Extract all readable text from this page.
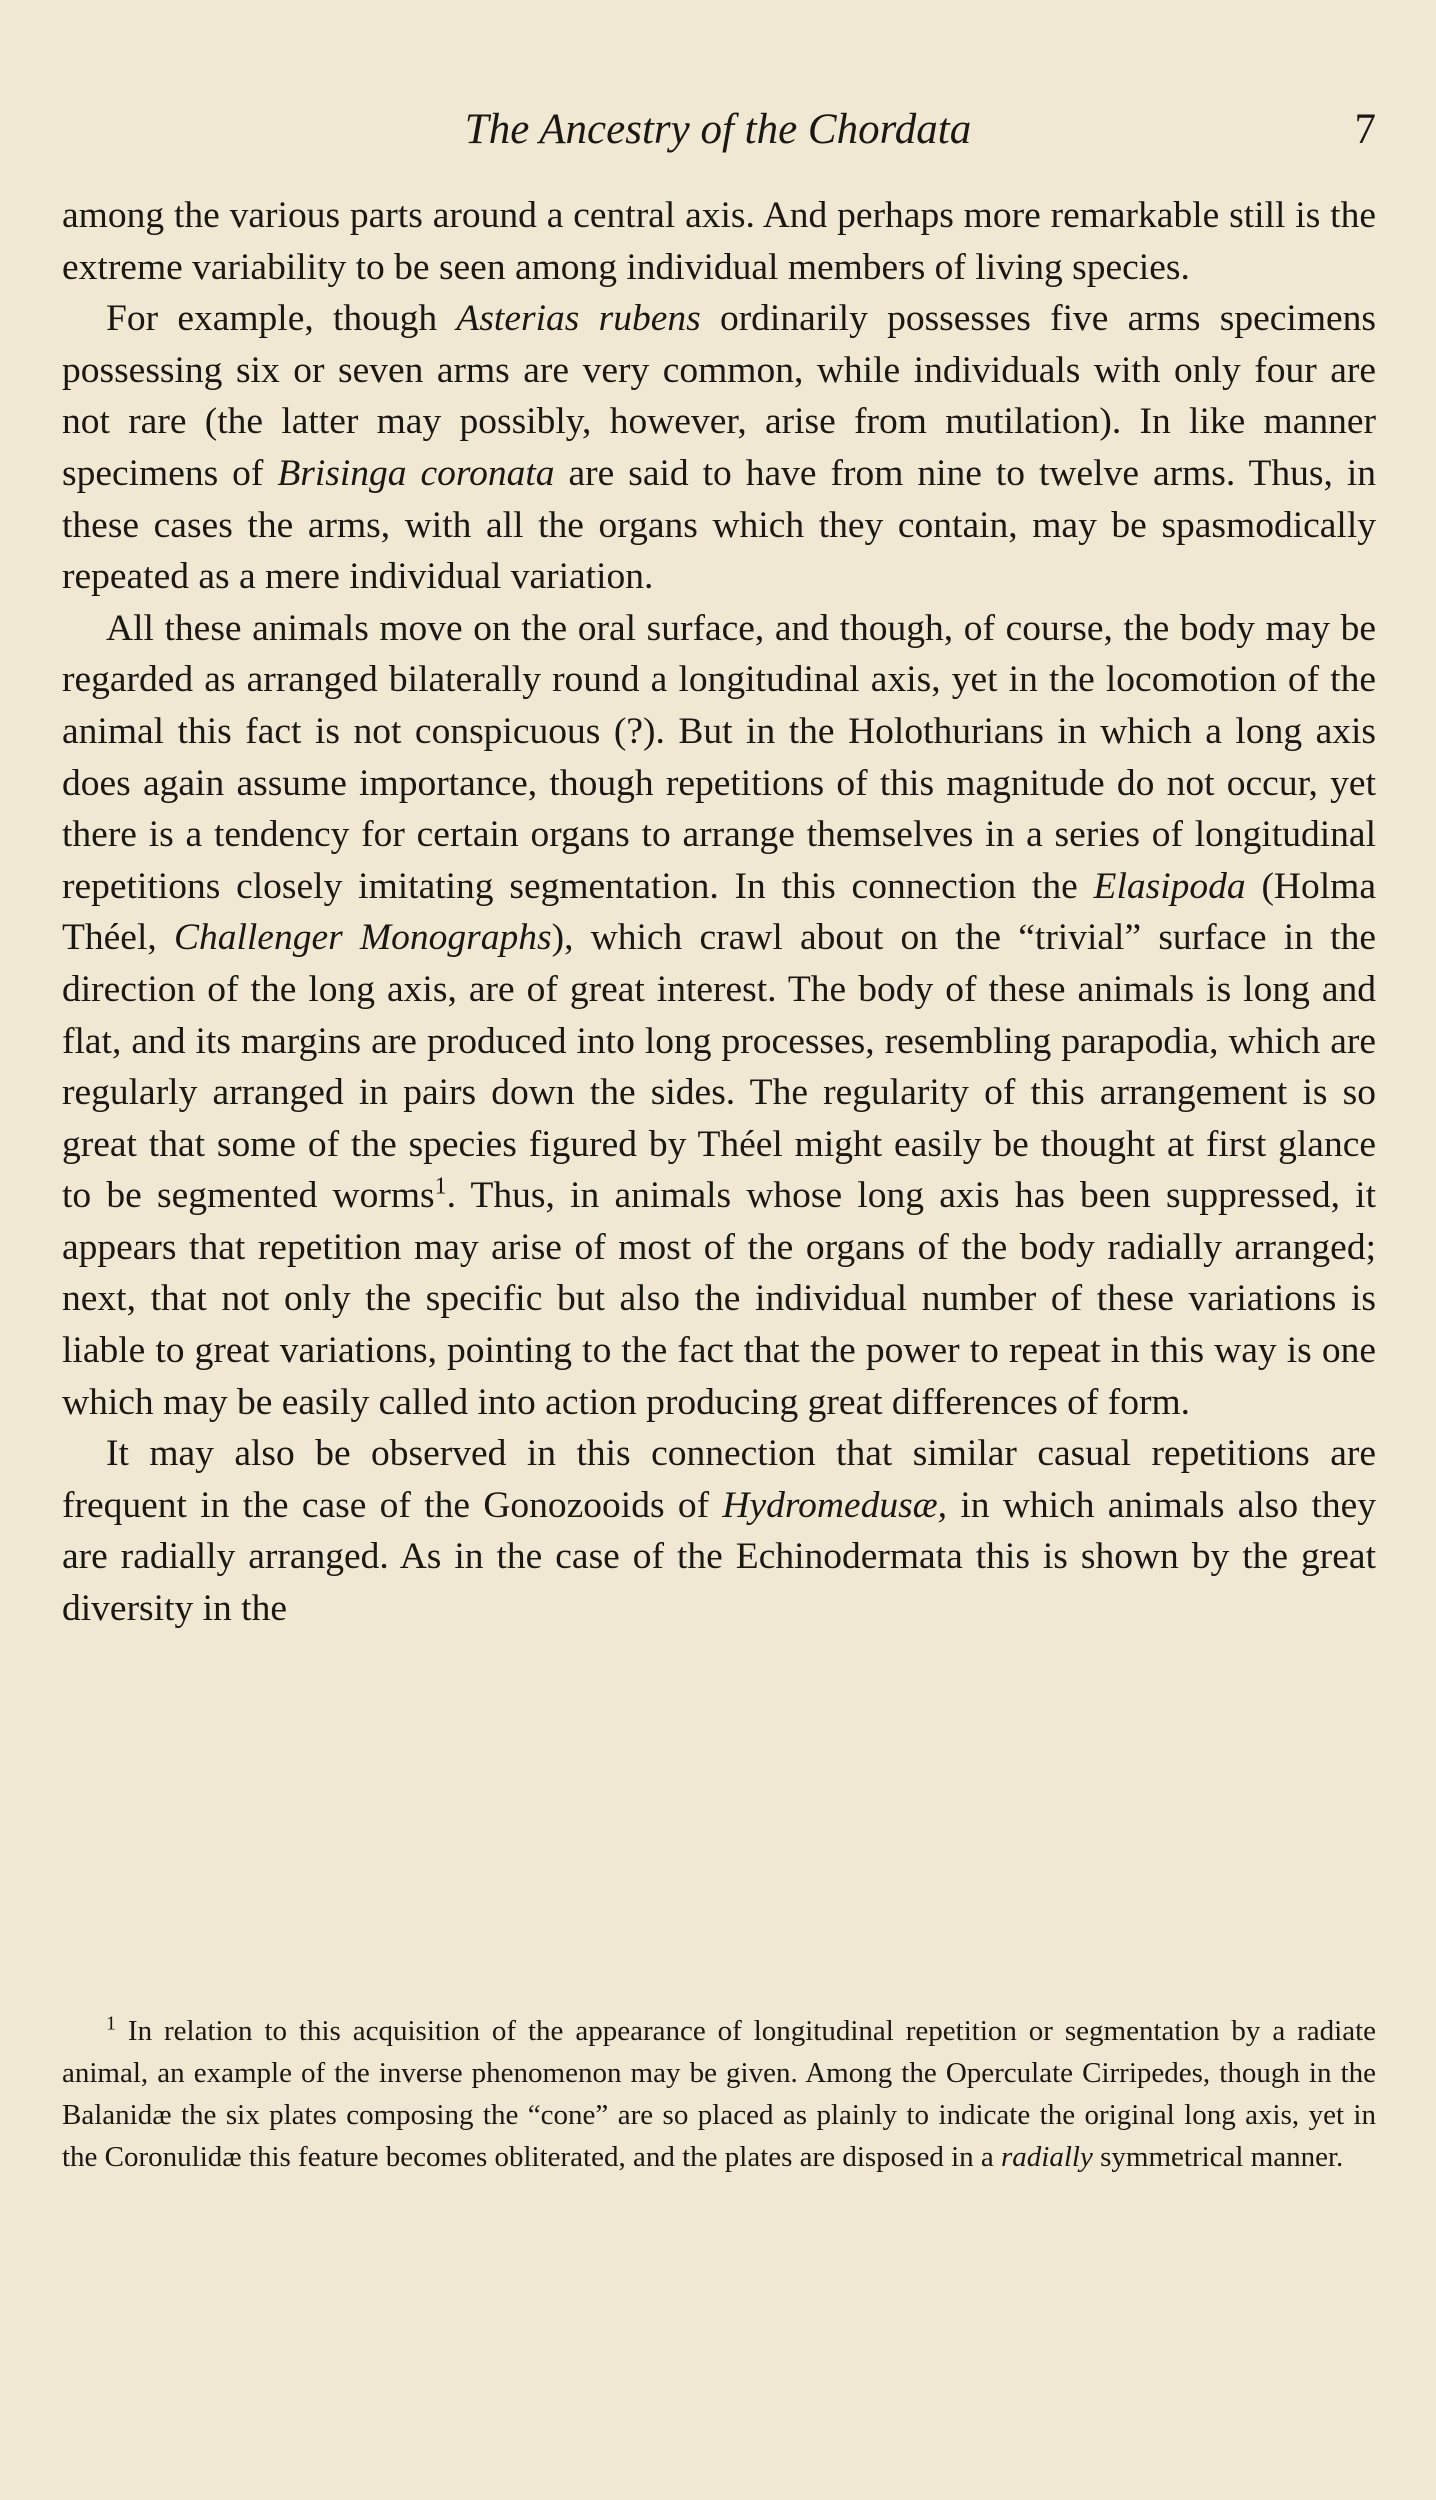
The Ancestry of the Chordata	7

among the various parts around a central axis. And perhaps more remarkable still is the extreme variability to be seen among individual members of living species.

For example, though Asterias rubens ordinarily possesses five arms specimens possessing six or seven arms are very common, while individuals with only four are not rare (the latter may possibly, however, arise from mutilation). In like manner specimens of Brisinga coronata are said to have from nine to twelve arms. Thus, in these cases the arms, with all the organs which they contain, may be spasmodically repeated as a mere individual variation.

All these animals move on the oral surface, and though, of course, the body may be regarded as arranged bilaterally round a longitudinal axis, yet in the locomotion of the animal this fact is not conspicuous (?). But in the Holothurians in which a long axis does again assume importance, though repetitions of this magnitude do not occur, yet there is a tendency for certain organs to arrange themselves in a series of longitudinal repetitions closely imitating segmentation. In this connection the Elasipoda (Holma Théel, Challenger Monographs), which crawl about on the “trivial” surface in the direction of the long axis, are of great interest. The body of these animals is long and flat, and its margins are produced into long processes, resembling parapodia, which are regularly arranged in pairs down the sides. The regularity of this arrangement is so great that some of the species figured by Théel might easily be thought at first glance to be segmented worms$^1$. Thus, in animals whose long axis has been suppressed, it appears that repetition may arise of most of the organs of the body radially arranged; next, that not only the specific but also the individual number of these variations is liable to great variations, pointing to the fact that the power to repeat in this way is one which may be easily called into action producing great differences of form.

It may also be observed in this connection that similar casual repetitions are frequent in the case of the Gonozooids of Hydromedusæ, in which animals also they are radially arranged. As in the case of the Echinodermata this is shown by the great diversity in the

$^1$ In relation to this acquisition of the appearance of longitudinal repetition or segmentation by a radiate animal, an example of the inverse phenomenon may be given. Among the Operculate Cirripedes, though in the Balanidæ the six plates composing the “cone” are so placed as plainly to indicate the original long axis, yet in the Coronulidæ this feature becomes obliterated, and the plates are disposed in a radially symmetrical manner.
